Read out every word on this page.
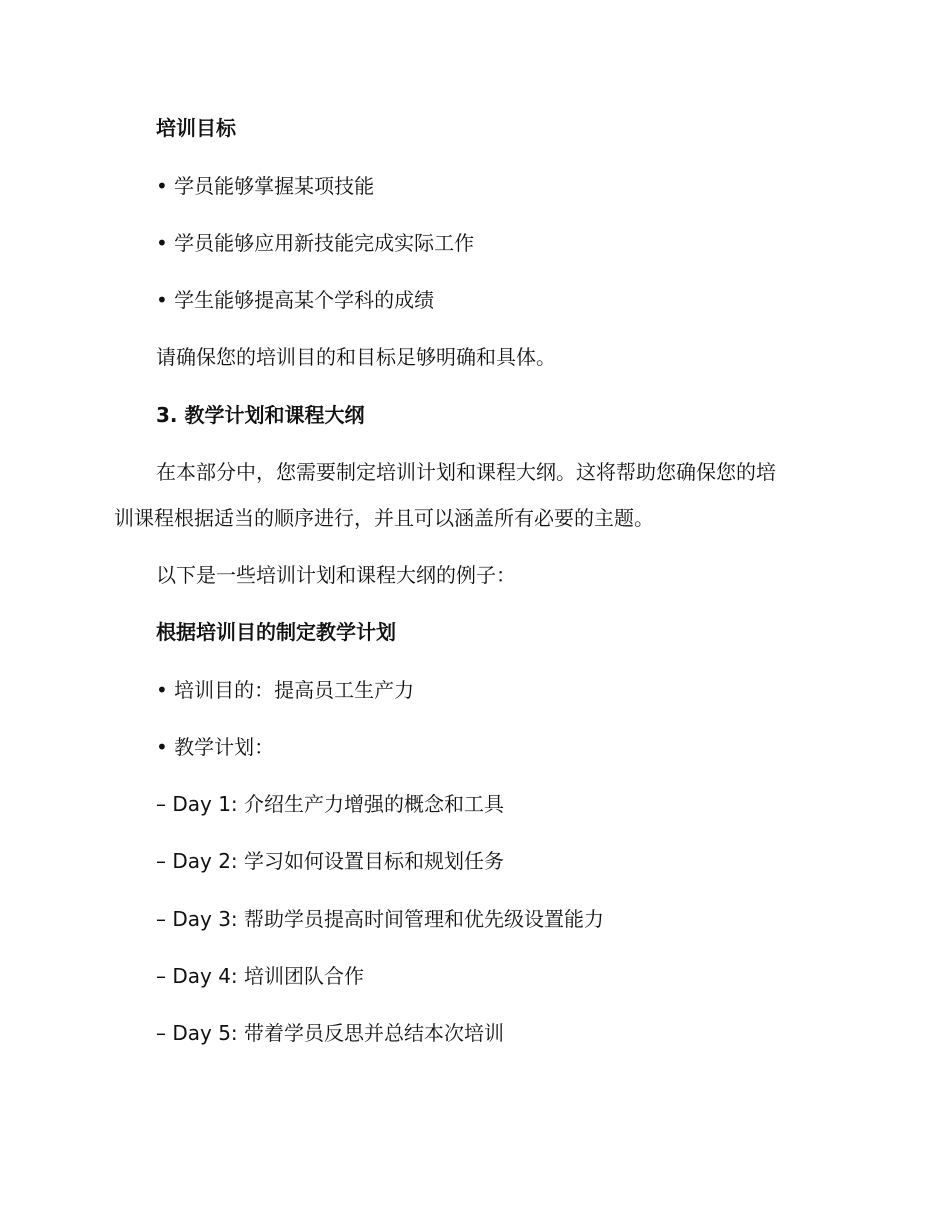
培训目标
• 学员能够掌握某项技能
• 学员能够应用新技能完成实际工作
• 学生能够提高某个学科的成绩
请确保您的培训目的和目标足够明确和具体。
3. 教学计划和课程大纲
在本部分中，您需要制定培训计划和课程大纲。这将帮助您确保您的培
训课程根据适当的顺序进行，并且可以涵盖所有必要的主题。
以下是一些培训计划和课程大纲的例子：
根据培训目的制定教学计划
• 培训目的：提高员工生产力
• 教学计划：
– Day 1: 介绍生产力增强的概念和工具
– Day 2: 学习如何设置目标和规划任务
– Day 3: 帮助学员提高时间管理和优先级设置能力
– Day 4: 培训团队合作
– Day 5: 带着学员反思并总结本次培训
